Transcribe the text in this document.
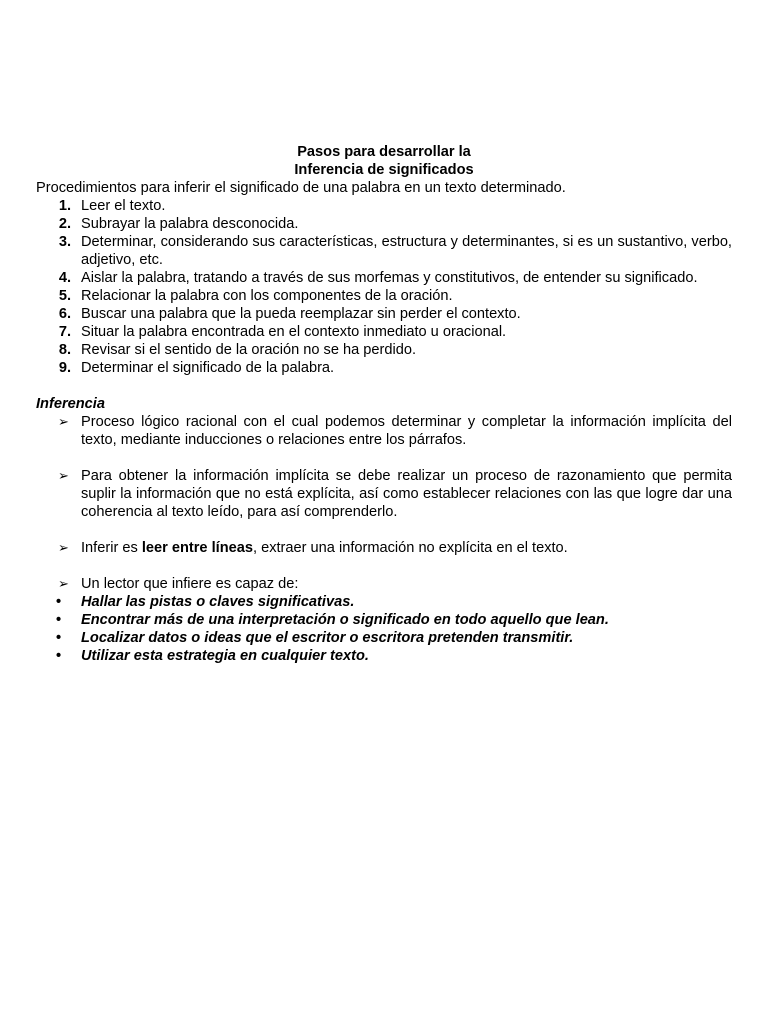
Pasos para desarrollar la

Inferencia de significados

Procedimientos para inferir el significado de una palabra en un texto determinado.

1. Leer el texto.
2. Subrayar la palabra desconocida.
3. Determinar, considerando sus características, estructura y determinantes, si es un sustantivo, verbo, adjetivo, etc.
4. Aislar la palabra, tratando a través de sus morfemas y constitutivos, de entender su significado.
5. Relacionar la palabra con los componentes de la oración.
6. Buscar una palabra que la pueda reemplazar sin perder el contexto.
7. Situar la palabra encontrada en el contexto inmediato u oracional.
8. Revisar si el sentido de la oración no se ha perdido.
9. Determinar el significado de la palabra.

Inferencia

➢ Proceso lógico racional con el cual podemos determinar y completar la información implícita del texto, mediante inducciones o relaciones entre los párrafos.

➢ Para obtener la información implícita se debe realizar un proceso de razonamiento que permita suplir la información que no está explícita, así como establecer relaciones con las que logre dar una coherencia al texto leído, para así comprenderlo.

➢ Inferir es leer entre líneas, extraer una información no explícita en el texto.

➢ Un lector que infiere es capaz de:

• Hallar las pistas o claves significativas.
• Encontrar más de una interpretación o significado en todo aquello que lean.
• Localizar datos o ideas que el escritor o escritora pretenden transmitir.
• Utilizar esta estrategia en cualquier texto.
